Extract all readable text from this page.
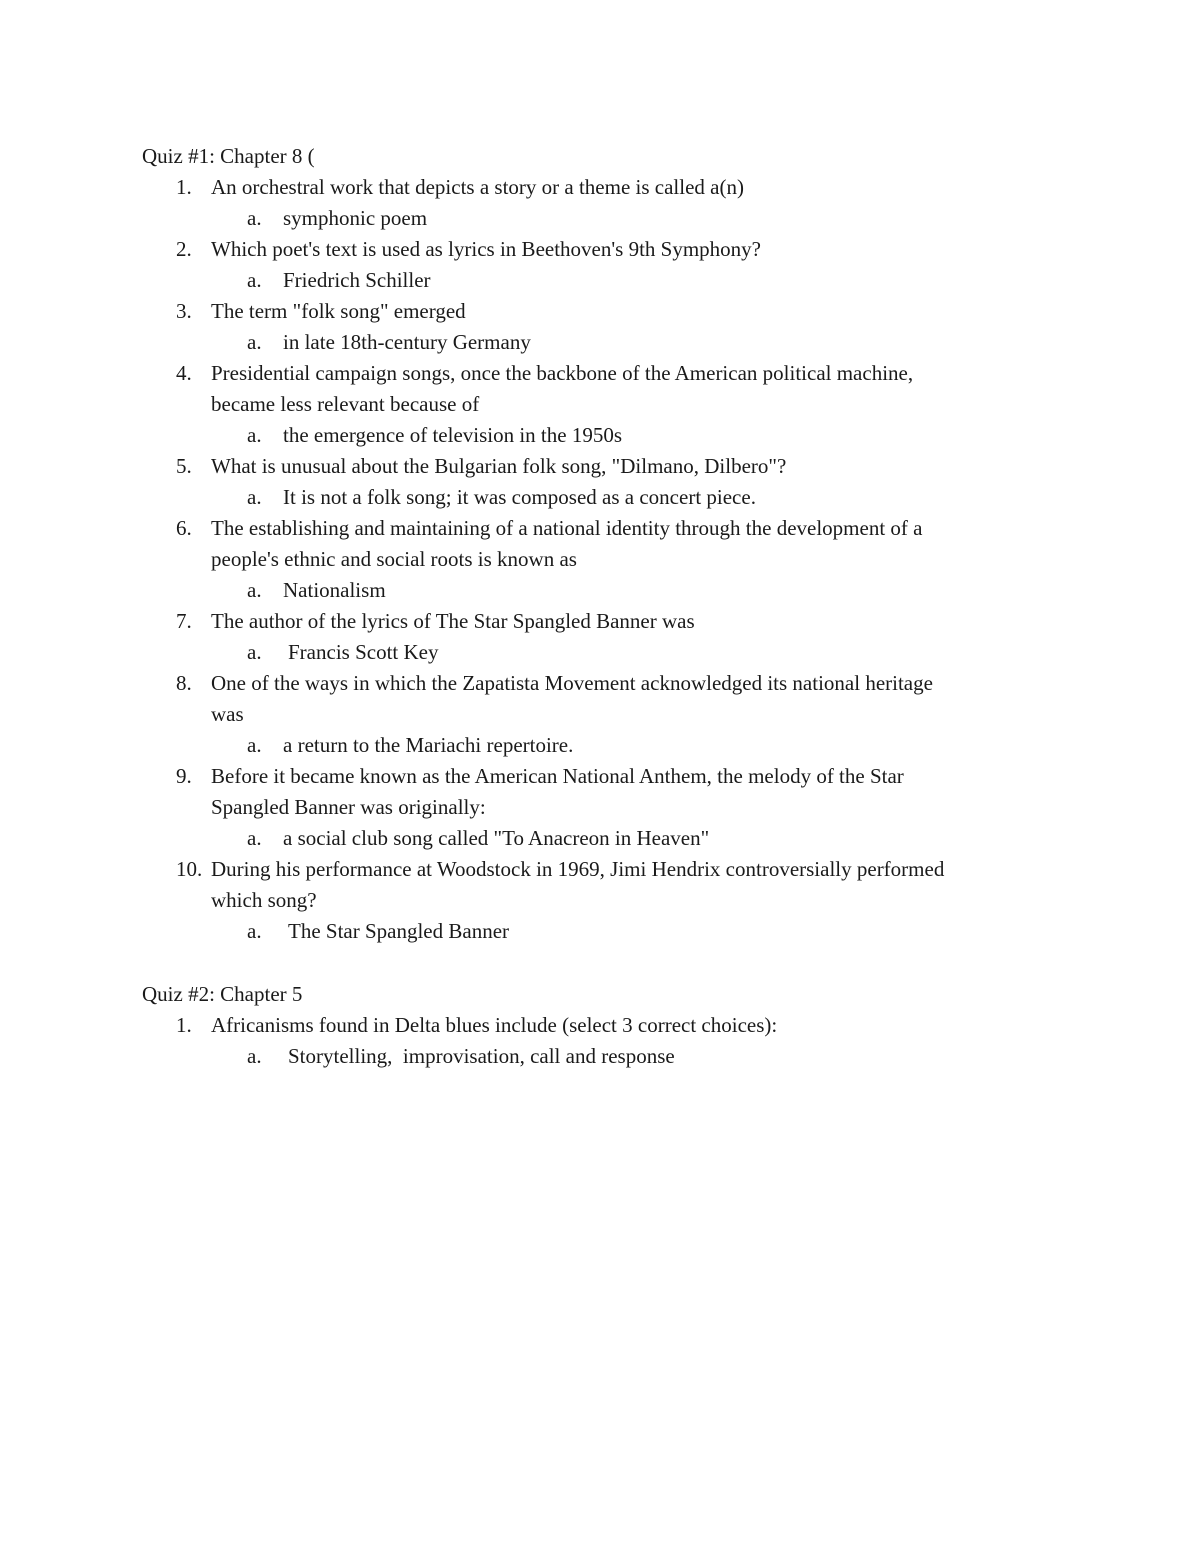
Quiz #1: Chapter 8 (
1. An orchestral work that depicts a story or a theme is called a(n)
a. symphonic poem
2. Which poet's text is used as lyrics in Beethoven's 9th Symphony?
a. Friedrich Schiller
3. The term "folk song" emerged
a. in late 18th-century Germany
4. Presidential campaign songs, once the backbone of the American political machine,
became less relevant because of
a. the emergence of television in the 1950s
5. What is unusual about the Bulgarian folk song, "Dilmano, Dilbero"?
a. It is not a folk song; it was composed as a concert piece.
6. The establishing and maintaining of a national identity through the development of a
people's ethnic and social roots is known as
a. Nationalism
7. The author of the lyrics of The Star Spangled Banner was
a. Francis Scott Key
8. One of the ways in which the Zapatista Movement acknowledged its national heritage
was
a. a return to the Mariachi repertoire.
9. Before it became known as the American National Anthem, the melody of the Star
Spangled Banner was originally:
a. a social club song called "To Anacreon in Heaven"
10. During his performance at Woodstock in 1969, Jimi Hendrix controversially performed
which song?
a. The Star Spangled Banner
Quiz #2: Chapter 5
1. Africanisms found in Delta blues include (select 3 correct choices):
a. Storytelling,  improvisation, call and response
